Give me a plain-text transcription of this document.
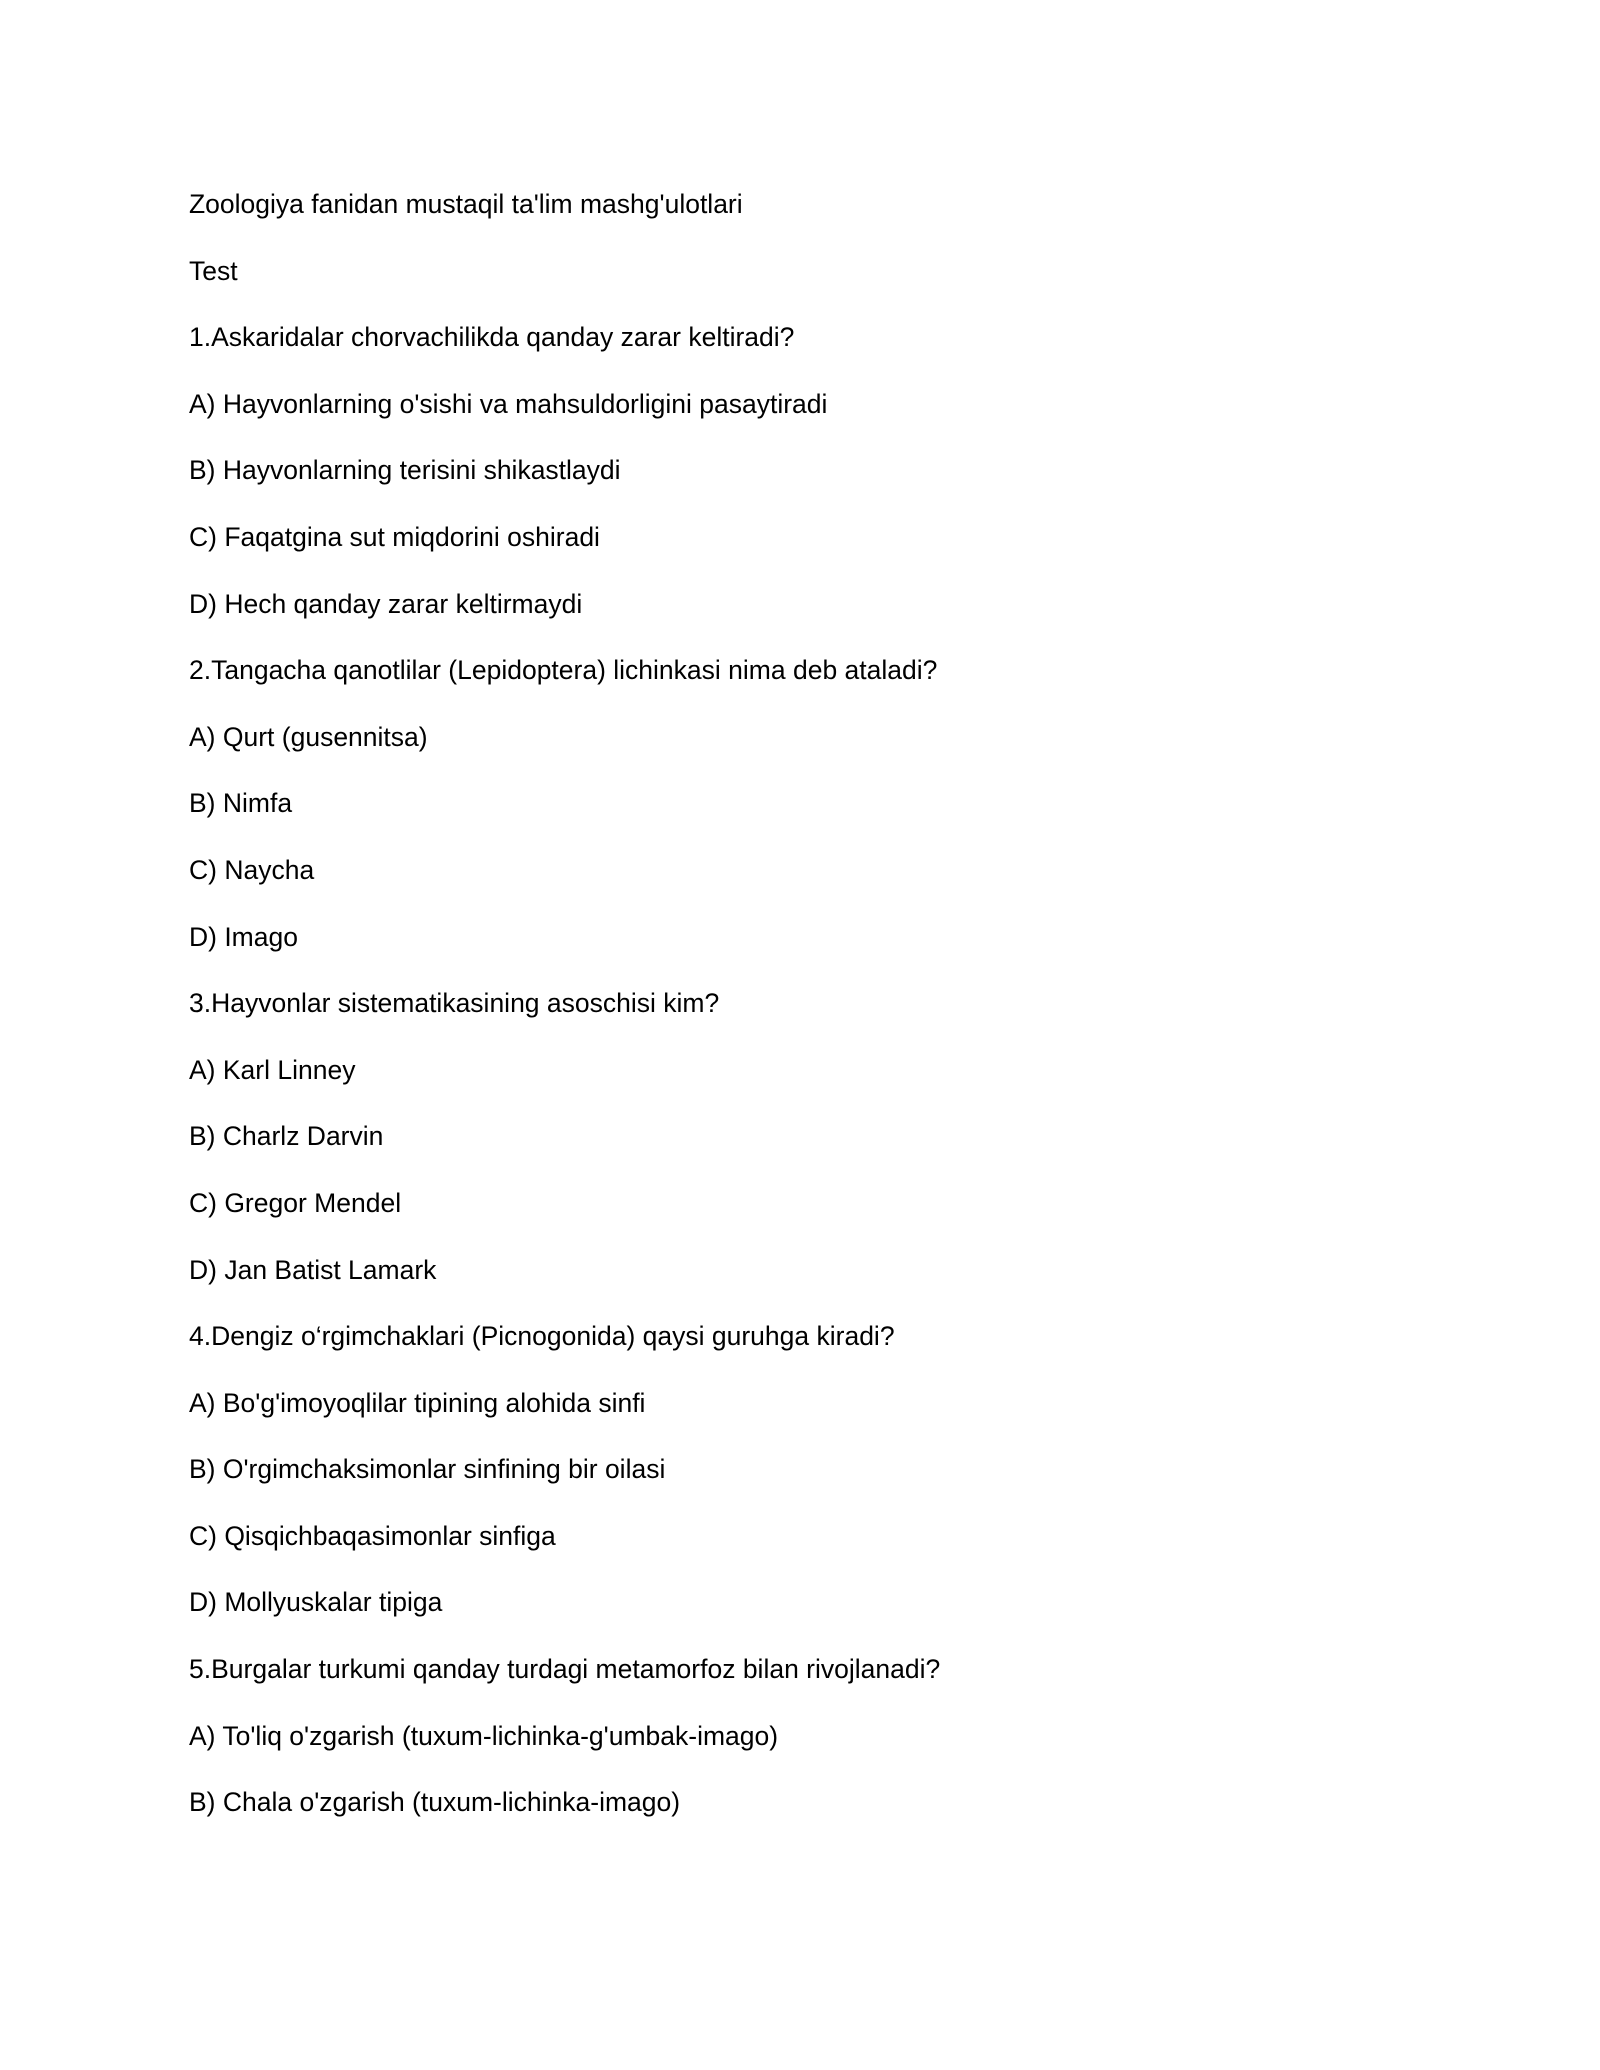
Zoologiya fanidan mustaqil ta'lim mashg'ulotlari
Test
1.Askaridalar chorvachilikda qanday zarar keltiradi?
A) Hayvonlarning o'sishi va mahsuldorligini pasaytiradi
B) Hayvonlarning terisini shikastlaydi
C) Faqatgina sut miqdorini oshiradi
D) Hech qanday zarar keltirmaydi
2.Tangacha qanotlilar (Lepidoptera) lichinkasi nima deb ataladi?
A) Qurt (gusennitsa)
B) Nimfa
C) Naycha
D) Imago
3.Hayvonlar sistematikasining asoschisi kim?
A) Karl Linney
B) Charlz Darvin
C) Gregor Mendel
D) Jan Batist Lamark
4.Dengiz o‘rgimchaklari (Picnogonida) qaysi guruhga kiradi?
A) Bo'g'imoyoqlilar tipining alohida sinfi
B) O'rgimchaksimonlar sinfining bir oilasi
C) Qisqichbaqasimonlar sinfiga
D) Mollyuskalar tipiga
5.Burgalar turkumi qanday turdagi metamorfoz bilan rivojlanadi?
A) To'liq o'zgarish (tuxum-lichinka-g'umbak-imago)
B) Chala o'zgarish (tuxum-lichinka-imago)
